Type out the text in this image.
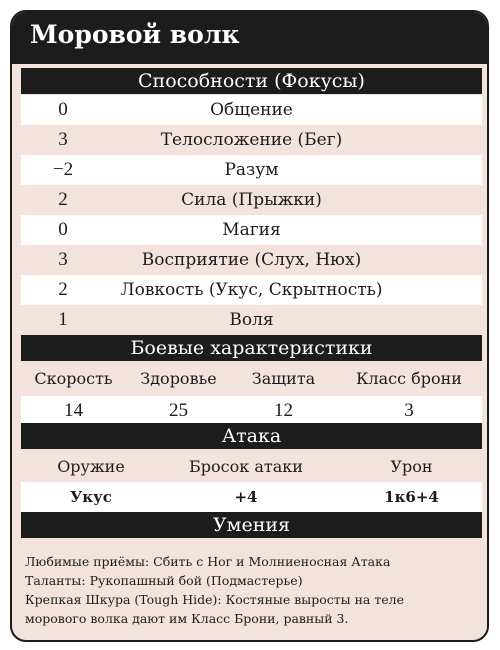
Моровой волк
Способности (Фокусы)
0	Общение
3	Телосложение (Бег)
−2	Разум
2	Сила (Прыжки)
0	Магия
3	Восприятие (Слух, Нюх)
2	Ловкость (Укус, Скрытность)
1	Воля
Боевые характеристики
Скорость	Здоровье	Защита	Класс брони
14	25	12	3
Атака
Оружие	Бросок атаки	Урон
Укус	+4	1к6+4
Умения
Любимые приёмы: Сбить с Ног и Молниеносная Атака
Таланты: Рукопашный бой (Подмастерье)
Крепкая Шкура (Tough Hide): Костяные выросты на теле
морового волка дают им Класс Брони, равный 3.
